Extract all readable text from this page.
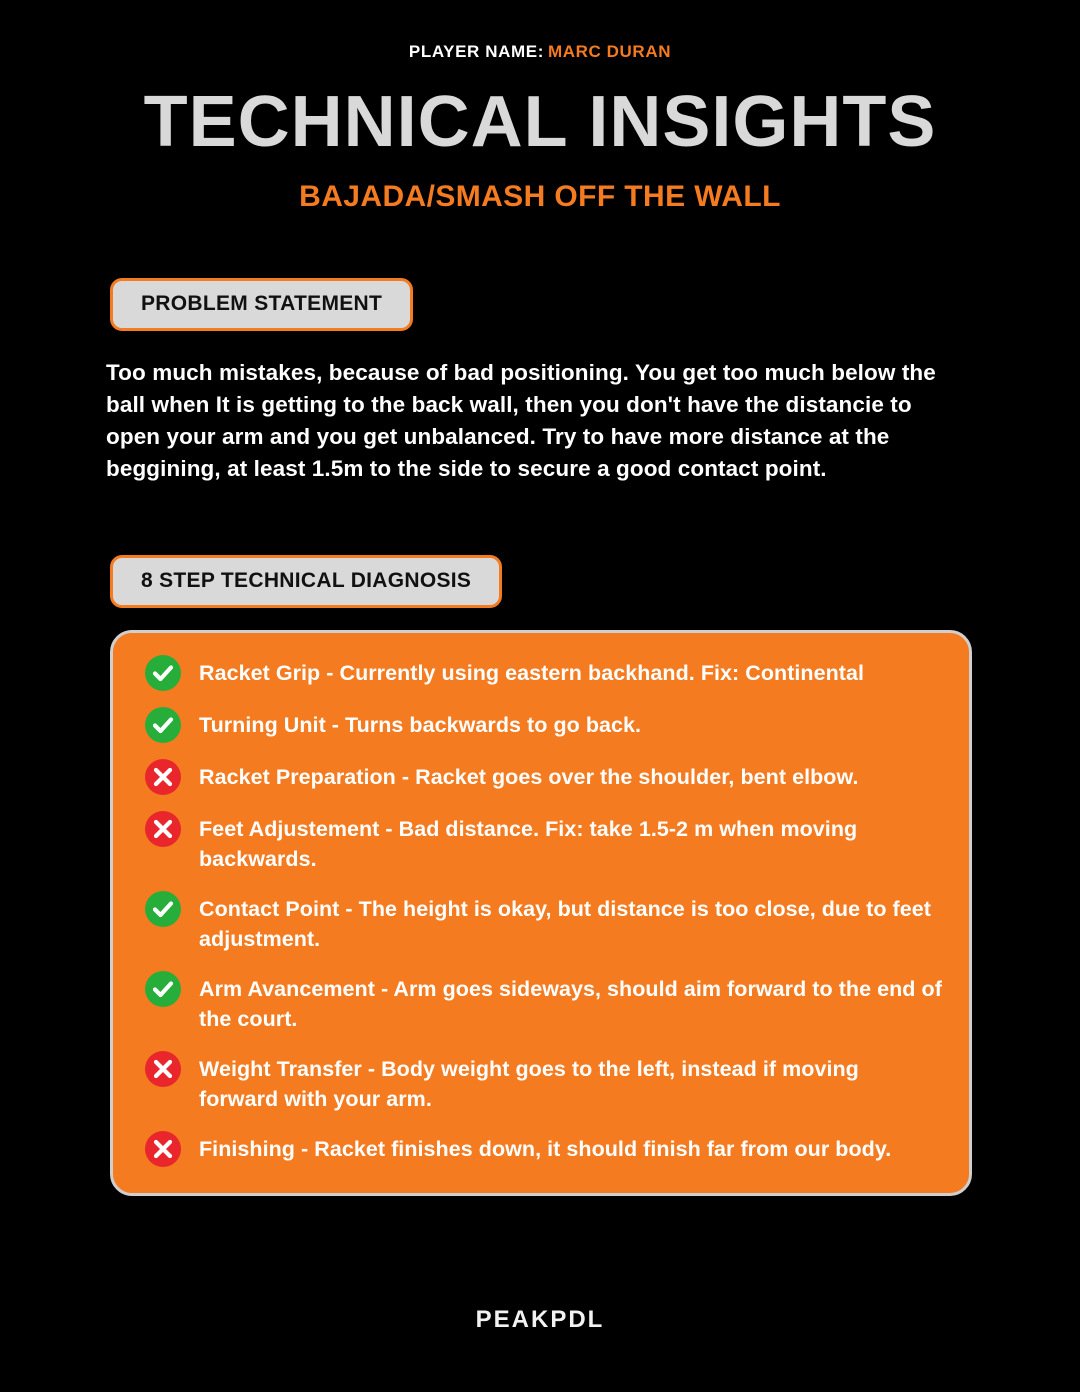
PLAYER NAME: MARC DURAN
TECHNICAL INSIGHTS
BAJADA/SMASH OFF THE WALL
PROBLEM STATEMENT
Too much mistakes, because of bad positioning. You get too much below the ball when It is getting to the back wall, then you don't have the distancie to open your arm and you get unbalanced. Try to have more distance at the beggining, at least 1.5m to the side to secure a good contact point.
8 STEP TECHNICAL DIAGNOSIS
Racket Grip - Currently using eastern backhand. Fix: Continental
Turning Unit - Turns backwards to go back.
Racket Preparation - Racket goes over the shoulder, bent elbow.
Feet Adjustement - Bad distance. Fix: take 1.5-2 m when moving backwards.
Contact Point - The height is okay, but distance is too close, due to feet adjustment.
Arm Avancement - Arm goes sideways, should aim forward to the end of the court.
Weight Transfer - Body weight goes to the left, instead if moving forward with your arm.
Finishing - Racket finishes down, it should finish far from our body.
PEAKPDL
